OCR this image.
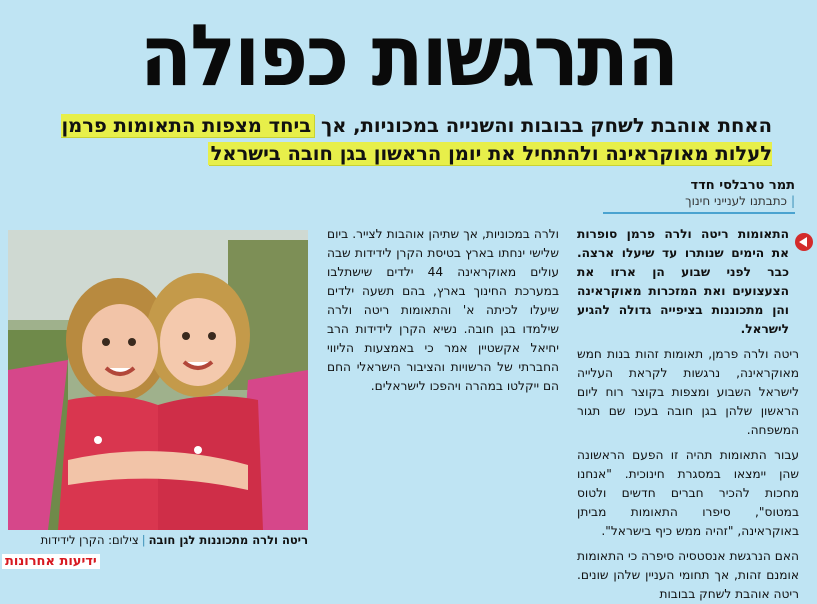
התרגשות כפולה
האחת אוהבת לשחק בבובות והשנייה במכוניות, אך ביחד מצפות התאומות פרמן לעלות מאוקראינה ולהתחיל את יומן הראשון בגן חובה בישראל
תמר טרבלסי חדד
|כתבתנו לענייני חינוך

התאומות ריטה ולרה פרמן סופרות את הימים שנותרו עד שיעלו ארצה. כבר לפני שבוע הן ארזו את הצעצועים ואת המזכרות מאוקראינה והן מתכוננות בציפייה גדולה להגיע לישראל.

ריטה ולרה פרמן, תאומות זהות בנות חמש מאוקראינה, נרגשות לקראת העלייה לישראל השבוע ומצפות בקוצר רוח ליום הראשון שלהן בגן חובה בעכו שם תגור המשפחה.

עבור התאומות תהיה זו הפעם הראשונה שהן יימצאו במסגרת חינוכית. "אנחנו מחכות להכיר חברים חדשים ולטוס במטוס", סיפרו התאומות מביתן באוקראינה, "זהיה ממש כיף בישראל".

האם הנרגשת אנסטסיה סיפרה כי התאומות אומנם זהות, אך תחומי העניין שלהן שונים. ריטה אוהבת לשחק בבובות

ולרה במכוניות, אך שתיהן אוהבות לצייר. ביום שלישי ינחתו בארץ בטיסת הקרן לידידות שבה עולים מאוקראינה 44 ילדים שישתלבו במערכת החינוך בארץ, בהם תשעה ילדים שיעלו לכיתה א' והתאומות ריטה ולרה שילמדו בגן חובה. נשיא הקרן לידידות הרב יחיאל אקשטיין אמר כי באמצעות הליווי החברתי של הרשויות והציבור הישראלי החם הם ייקלטו במהרה ויהפכו לישראלים.

ריטה ולרה מתכוננות לגן חובה|צילום: הקרן לידידות
ידיעות אחרונות
